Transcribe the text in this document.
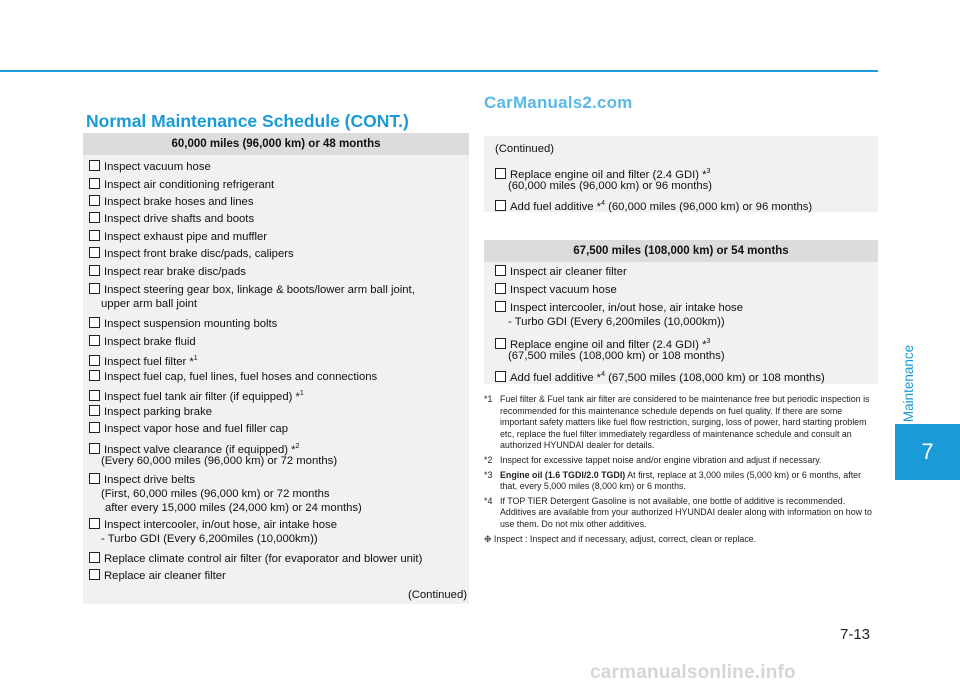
CarManuals2.com
Normal Maintenance Schedule (CONT.)
60,000 miles (96,000 km) or 48 months
Inspect vacuum hose
Inspect air conditioning refrigerant
Inspect brake hoses and lines
Inspect drive shafts and boots
Inspect exhaust pipe and muffler
Inspect front brake disc/pads, calipers
Inspect rear brake disc/pads
Inspect steering gear box, linkage & boots/lower arm ball joint,
upper arm ball joint
Inspect suspension mounting bolts
Inspect brake fluid
Inspect fuel filter *$^1$
Inspect fuel cap, fuel lines, fuel hoses and connections
Inspect fuel tank air filter (if equipped) *$^1$
Inspect parking brake
Inspect vapor hose and fuel filler cap
Inspect valve clearance (if equipped) *$^2$
(Every 60,000 miles (96,000 km) or 72 months)
Inspect drive belts
(First, 60,000 miles (96,000 km) or 72 months
after every 15,000 miles (24,000 km) or 24 months)
Inspect intercooler, in/out hose, air intake hose
- Turbo GDI (Every 6,200miles (10,000km))
Replace climate control air filter (for evaporator and blower unit)
Replace air cleaner filter
(Continued)
(Continued)
Replace engine oil and filter (2.4 GDI) *$^3$
(60,000 miles (96,000 km) or 96 months)
Add fuel additive *$^4$ (60,000 miles (96,000 km) or 96 months)
67,500 miles (108,000 km) or 54 months
Inspect air cleaner filter
Inspect vacuum hose
Inspect intercooler, in/out hose, air intake hose
- Turbo GDI (Every 6,200miles (10,000km))
Replace engine oil and filter (2.4 GDI) *$^3$
(67,500 miles (108,000 km) or 108 months)
Add fuel additive *$^4$ (67,500 miles (108,000 km) or 108 months)
*1 Fuel filter & Fuel tank air filter are considered to be maintenance free but periodic inspection is recommended for this maintenance schedule depends on fuel quality. If there are some important safety matters like fuel flow restriction, surging, loss of power, hard starting problem etc, replace the fuel filter immediately regardless of maintenance schedule and consult an authorized HYUNDAI dealer for details.
*2 Inspect for excessive tappet noise and/or engine vibration and adjust if necessary.
*3 Engine oil (1.6 TGDI/2.0 TGDI) At first, replace at 3,000 miles (5,000 km) or 6 months, after that, every 5,000 miles (8,000 km) or 6 months.
*4 If TOP TIER Detergent Gasoline is not available, one bottle of additive is recommended. Additives are available from your authorized HYUNDAI dealer along with information on how to use them. Do not mix other additives.
❉ Inspect : Inspect and if necessary, adjust, correct, clean or replace.
Maintenance
7
7-13
carmanualsonline.info
